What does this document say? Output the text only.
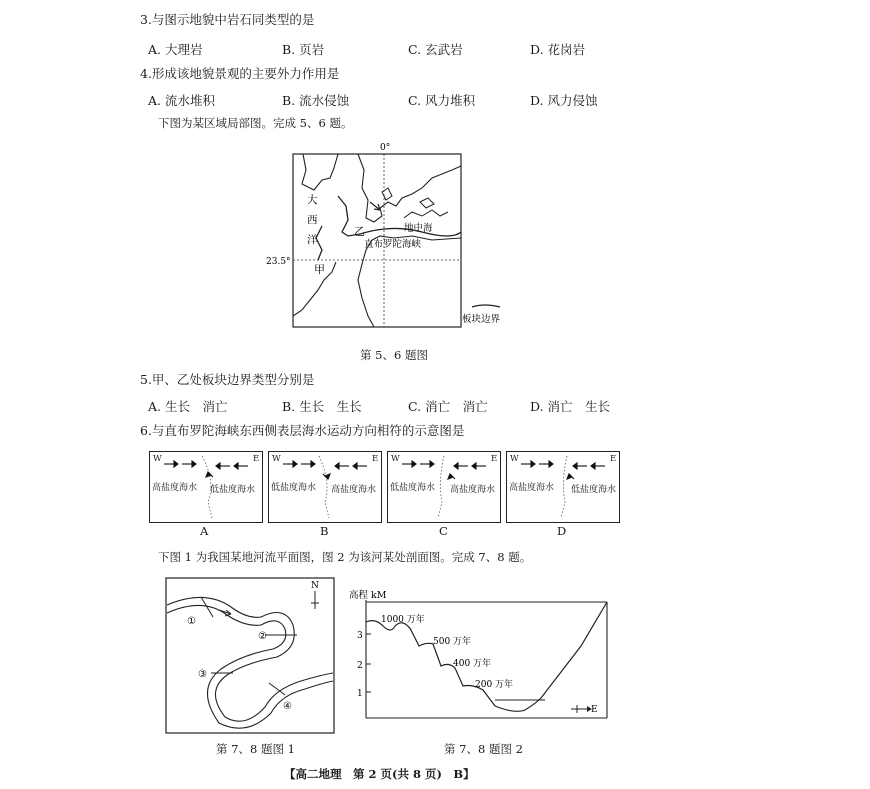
3.与图示地貌中岩石同类型的是
A. 大理岩	B. 页岩	C. 玄武岩	D. 花岗岩
4.形成该地貌景观的主要外力作用是
A. 流水堆积	B. 流水侵蚀	C. 风力堆积	D. 风力侵蚀
下图为某区域局部图。完成 5、6 题。
0°
23.5°
大
西
洋
乙
甲
地中海
直布罗陀海峡
板块边界
第 5、6 题图
5.甲、乙处板块边界类型分别是
A. 生长　消亡	B. 生长　生长	C. 消亡　消亡	D. 消亡　生长
6.与直布罗陀海峡东西侧表层海水运动方向相符的示意图是
W	E
高盐度海水 低盐度海水
A
W	E
低盐度海水 高盐度海水
B
W	E
低盐度海水 高盐度海水
C
W	E
高盐度海水 低盐度海水
D
下图 1 为我国某地河流平面图，图 2 为该河某处剖面图。完成 7、8 题。
N
①
②
③
④
第 7、8 题图 1
高程 kM
3
2
1
1000 万年
500 万年
400 万年
200 万年
E
第 7、8 题图 2
【高二地理　第 2 页(共 8 页)　B】
